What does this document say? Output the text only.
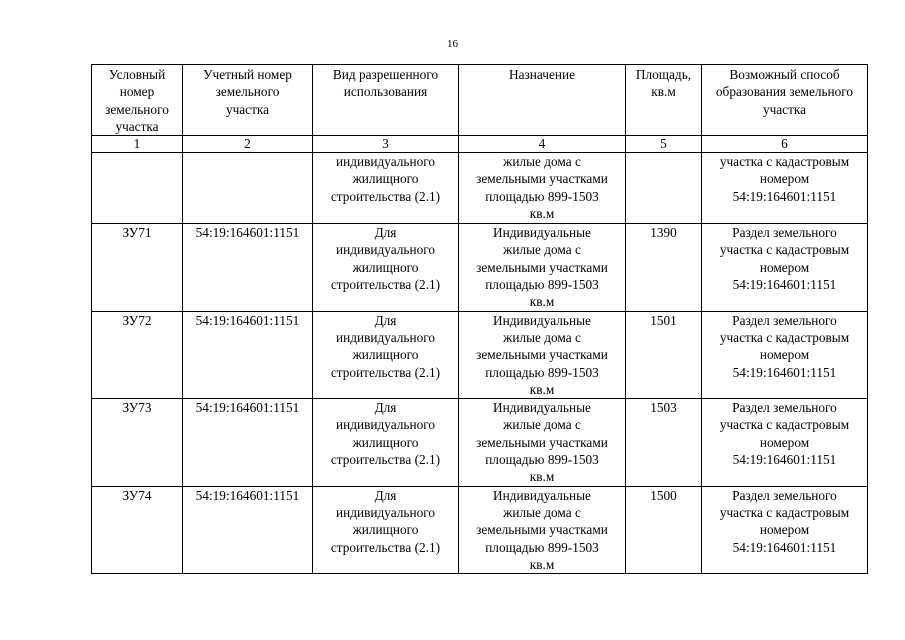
16
Условный
номер
земельного
участка	Учетный номер
земельного
участка	Вид разрешенного
использования	Назначение	Площадь,
кв.м	Возможный способ
образования земельного
участка

1	2	3	4	5	6

		индивидуального
жилищного
строительства (2.1)	жилые дома с
земельными участками
площадью 899-1503
кв.м		участка с кадастровым
номером
54:19:164601:1151

ЗУ71	54:19:164601:1151	Для
индивидуального
жилищного
строительства (2.1)	Индивидуальные
жилые дома с
земельными участками
площадью 899-1503
кв.м	1390	Раздел земельного
участка с кадастровым
номером
54:19:164601:1151

ЗУ72	54:19:164601:1151	Для
индивидуального
жилищного
строительства (2.1)	Индивидуальные
жилые дома с
земельными участками
площадью 899-1503
кв.м	1501	Раздел земельного
участка с кадастровым
номером
54:19:164601:1151

ЗУ73	54:19:164601:1151	Для
индивидуального
жилищного
строительства (2.1)	Индивидуальные
жилые дома с
земельными участками
площадью 899-1503
кв.м	1503	Раздел земельного
участка с кадастровым
номером
54:19:164601:1151

ЗУ74	54:19:164601:1151	Для
индивидуального
жилищного
строительства (2.1)	Индивидуальные
жилые дома с
земельными участками
площадью 899-1503
кв.м	1500	Раздел земельного
участка с кадастровым
номером
54:19:164601:1151
